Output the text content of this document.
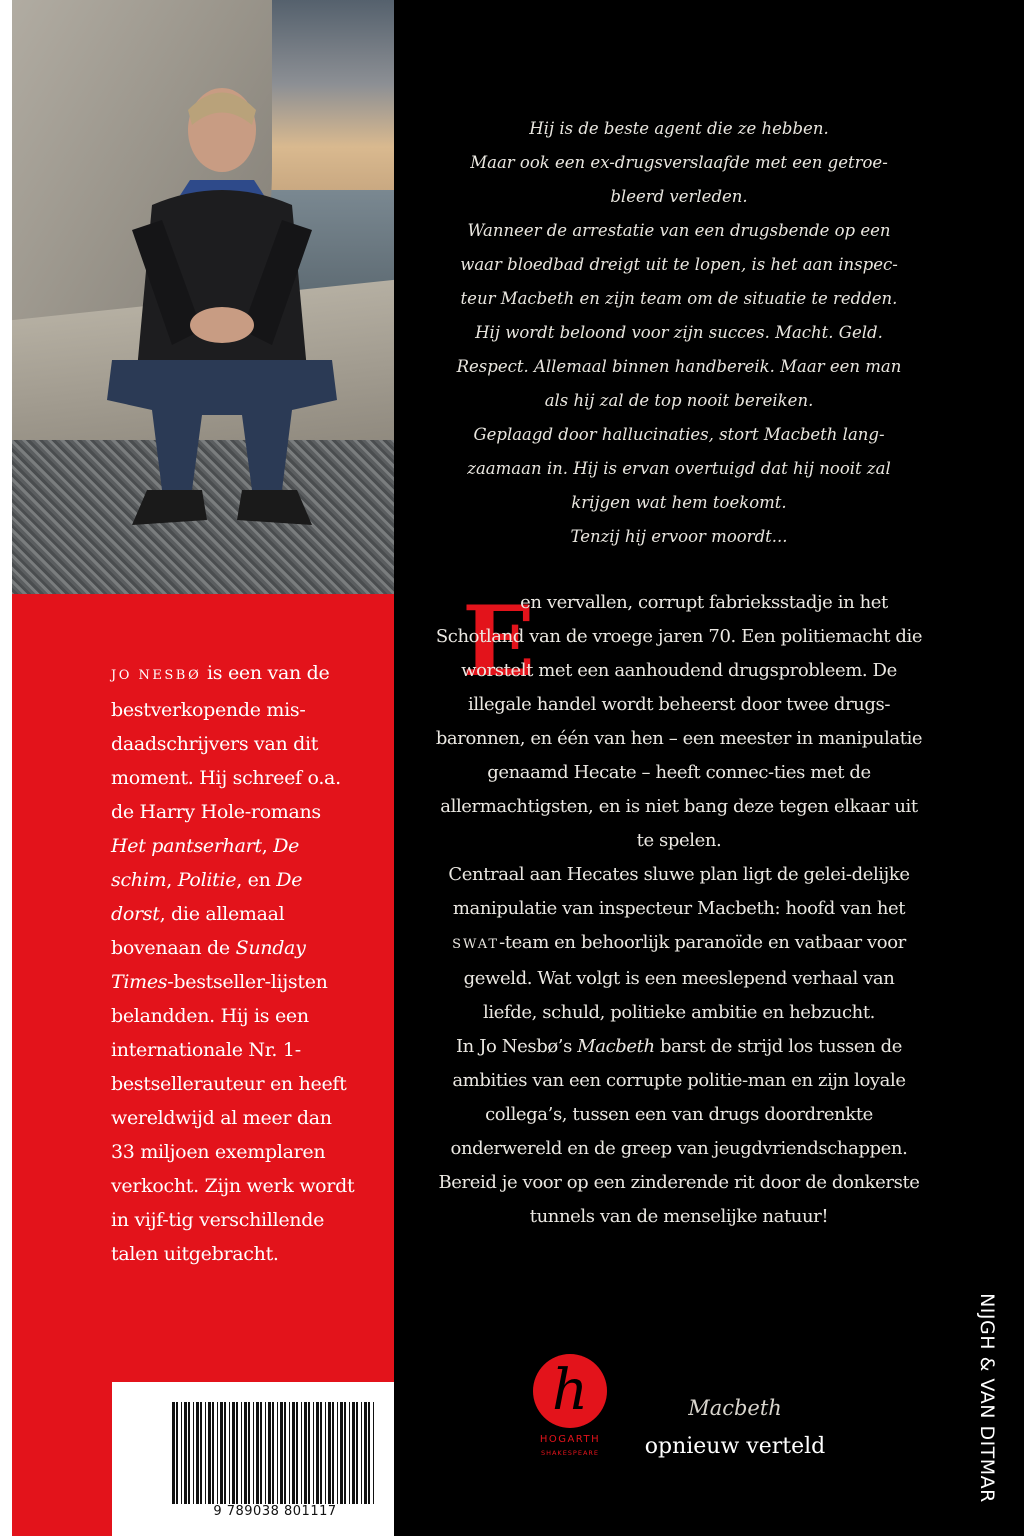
JO NESBØ is een van de bestverkopende mis-daadschrijvers van dit moment. Hij schreef o.a. de Harry Hole-romans Het pantserhart, De schim, Politie, en De dorst, die allemaal bovenaan de Sunday Times-bestseller-lijsten belandden. Hij is een internationale Nr. 1-bestsellerauteur en heeft wereldwijd al meer dan 33 miljoen exemplaren verkocht. Zijn werk wordt in vijf-tig verschillende talen uitgebracht.

9 789038 801117

Hij is de beste agent die ze hebben.
Maar ook een ex-drugsverslaafde met een getroe-
bleerd verleden.
Wanneer de arrestatie van een drugsbende op een
waar bloedbad dreigt uit te lopen, is het aan inspec-
teur Macbeth en zijn team om de situatie te redden.
Hij wordt beloond voor zijn succes. Macht. Geld.
Respect. Allemaal binnen handbereik. Maar een man
als hij zal de top nooit bereiken.
Geplaagd door hallucinaties, stort Macbeth lang-
zaamaan in. Hij is ervan overtuigd dat hij nooit zal
krijgen wat hem toekomt.
Tenzij hij ervoor moordt...

E

en vervallen, corrupt fabrieksstadje in het Schotland van de vroege jaren 70. Een politiemacht die worstelt met een aanhoudend drugsprobleem. De illegale handel wordt beheerst door twee drugs-baronnen, en één van hen – een meester in manipulatie genaamd Hecate – heeft connec-ties met de allermachtigsten, en is niet bang deze tegen elkaar uit te spelen.
Centraal aan Hecates sluwe plan ligt de gelei-delijke manipulatie van inspecteur Macbeth: hoofd van het SWAT-team en behoorlijk paranoïde en vatbaar voor geweld. Wat volgt is een meeslepend verhaal van liefde, schuld, politieke ambitie en hebzucht.
In Jo Nesbø’s Macbeth barst de strijd los tussen de ambities van een corrupte politie-man en zijn loyale collega’s, tussen een van drugs doordrenkte onderwereld en de greep van jeugdvriendschappen. Bereid je voor op een zinderende rit door de donkerste tunnels van de menselijke natuur!

h
HOGARTH
SHAKESPEARE
Macbeth
opnieuw verteld	NIJGH & VAN DITMAR
